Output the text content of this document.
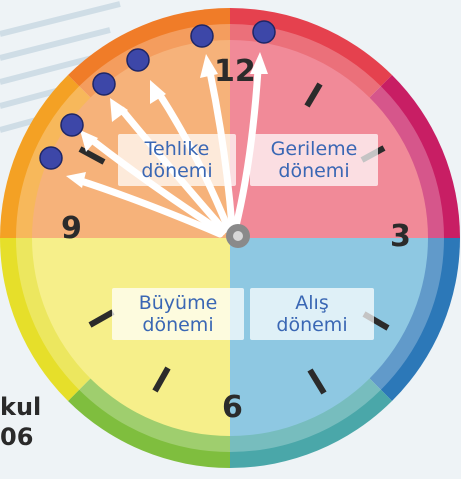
Tehlike
dönemi
Gerileme
dönemi
Büyüme
dönemi
Alış
dönemi
12
3
6
9
kul
06
